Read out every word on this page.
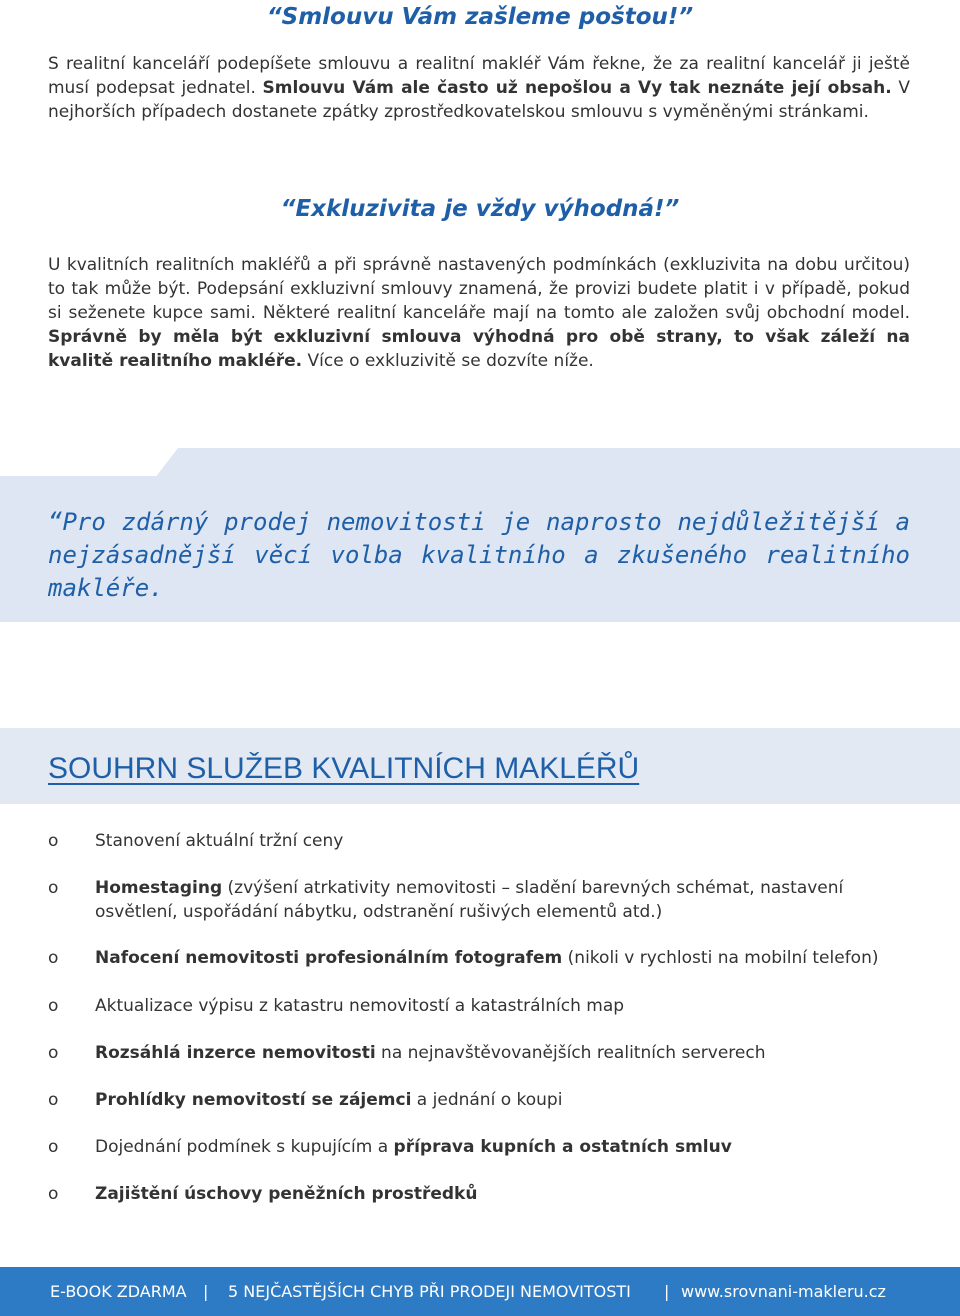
“Smlouvu Vám zašleme poštou!”
S realitní kanceláří podepíšete smlouvu a realitní makléř Vám řekne, že za realitní kancelář ji ještě musí podepsat jednatel. Smlouvu Vám ale často už nepošlou a Vy tak neznáte její obsah. V nejhorších případech dostanete zpátky zprostředkovatelskou smlouvu s vyměněnými stránkami.
“Exkluzivita je vždy výhodná!”
U kvalitních realitních makléřů a při správně nastavených podmínkách (exkluzivita na dobu určitou) to tak může být. Podepsání exkluzivní smlouvy znamená, že provizi budete platit i v případě, pokud si seženete kupce sami. Některé realitní kanceláře mají na tomto ale založen svůj obchodní model. Správně by měla být exkluzivní smlouva výhodná pro obě strany, to však záleží na kvalitě realitního makléře. Více o exkluzivitě se dozvíte níže.
“Pro zdárný prodej nemovitosti je naprosto nejdůležitější a nejzásadnější věcí volba kvalitního a zkušeného realitního makléře.
SOUHRN SLUŽEB KVALITNÍCH MAKLÉŘŮ
o	Stanovení aktuální tržní ceny
o	Homestaging (zvýšení atrkativity nemovitosti – sladění barevných schémat, nastavení osvětlení, uspořádání nábytku, odstranění rušivých elementů atd.)
o	Nafocení nemovitosti profesionálním fotografem (nikoli v rychlosti na mobilní telefon)
o	Aktualizace výpisu z katastru nemovitostí a katastrálních map
o	Rozsáhlá inzerce nemovitosti na nejnavštěvovanějších realitních serverech
o	Prohlídky nemovitostí se zájemci a jednání o koupi
o	Dojednání podmínek s kupujícím a příprava kupních a ostatních smluv
o	Zajištění úschovy peněžních prostředků
E-BOOK ZDARMA | 5 NEJČASTĚJŠÍCH CHYB PŘI PRODEJI NEMOVITOSTI | www.srovnani-makleru.cz
